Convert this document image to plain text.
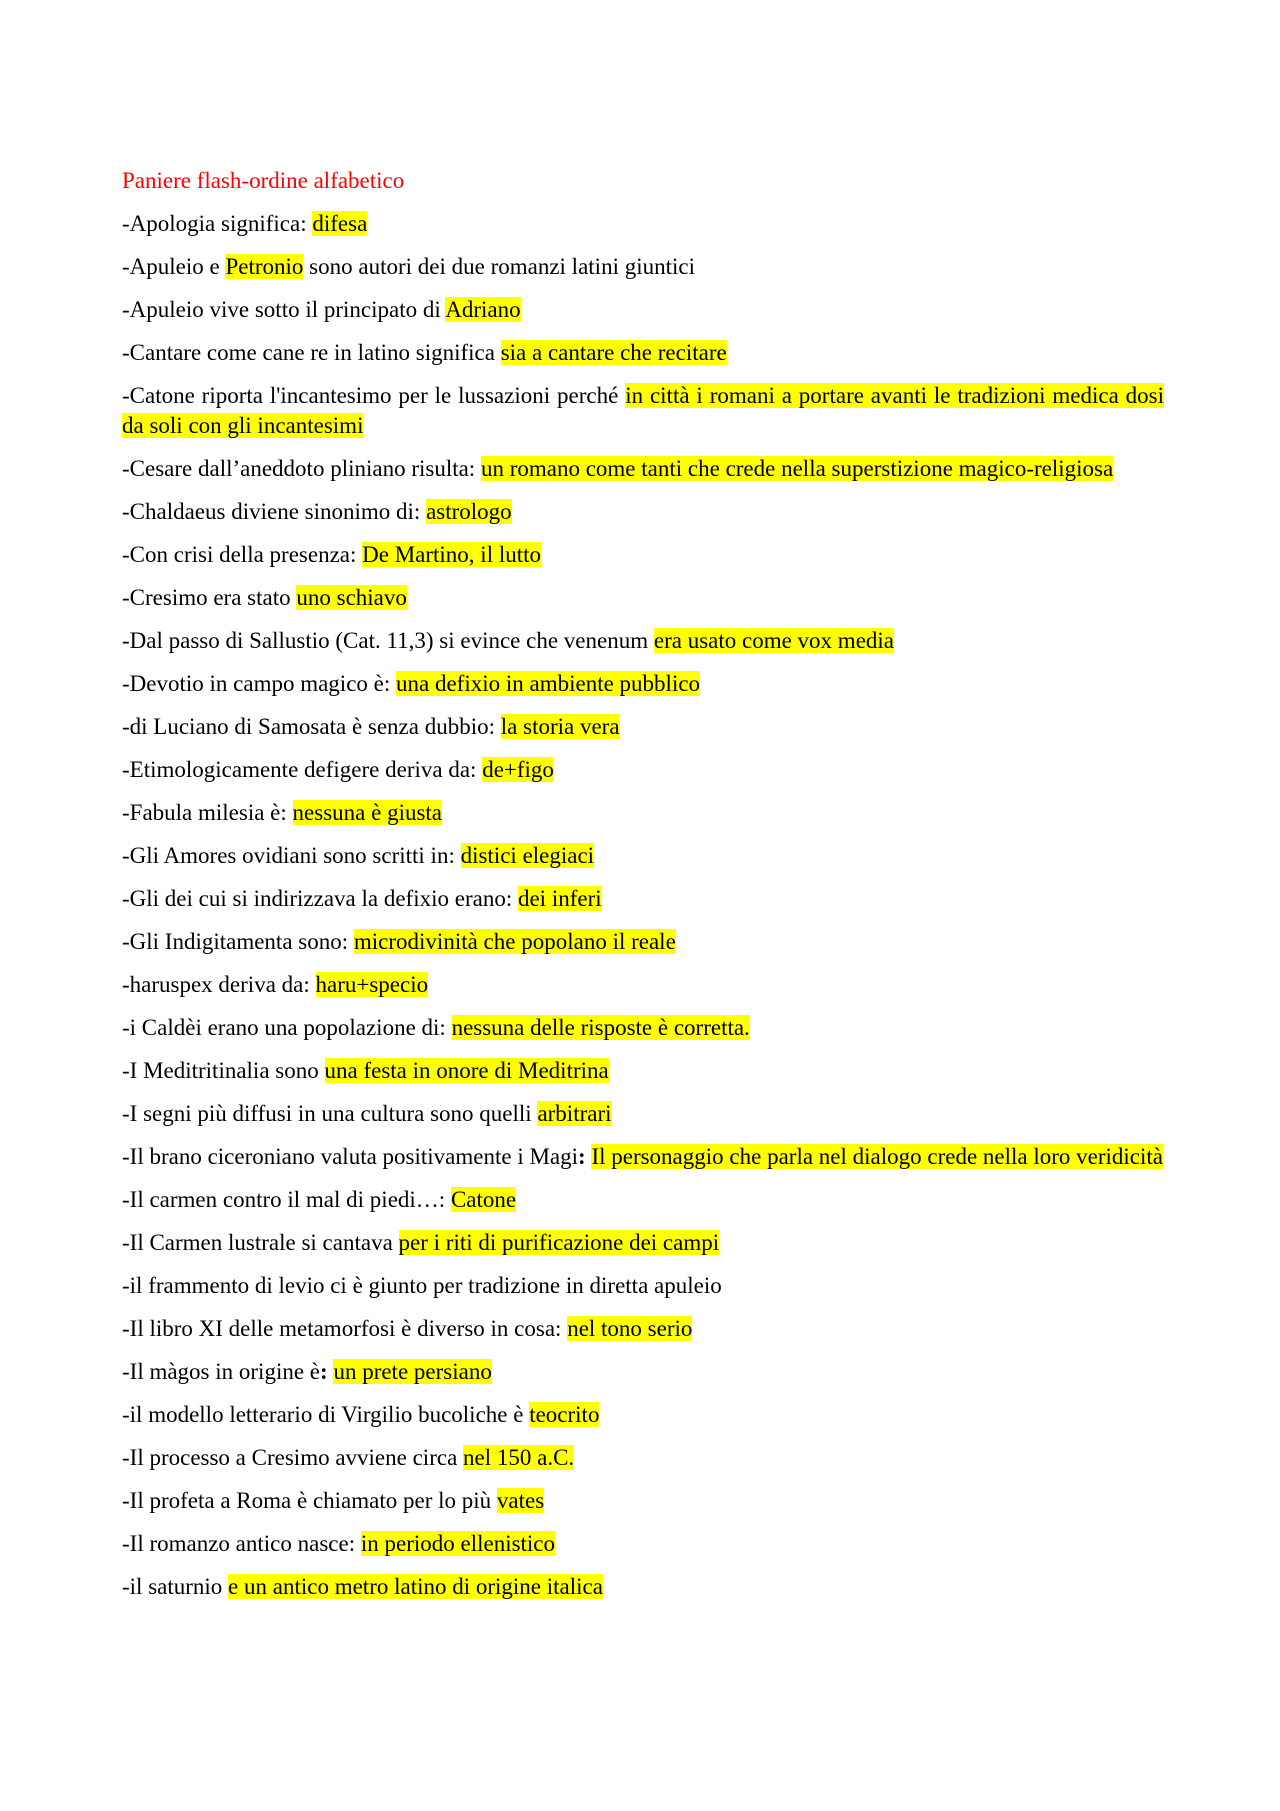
Paniere flash-ordine alfabetico
-Apologia significa: difesa
-Apuleio e Petronio sono autori dei due romanzi latini giuntici
-Apuleio vive sotto il principato di Adriano
-Cantare come cane re in latino significa sia a cantare che recitare
-Catone riporta l'incantesimo per le lussazioni perché in città i romani a portare avanti le tradizioni medica dosi da soli con gli incantesimi
-Cesare dall’aneddoto pliniano risulta: un romano come tanti che crede nella superstizione magico-religiosa
-Chaldaeus diviene sinonimo di: astrologo
-Con crisi della presenza: De Martino, il lutto
-Cresimo era stato uno schiavo
-Dal passo di Sallustio (Cat. 11,3) si evince che venenum era usato come vox media
-Devotio in campo magico è: una defixio in ambiente pubblico
-di Luciano di Samosata è senza dubbio: la storia vera
-Etimologicamente defigere deriva da: de+figo
-Fabula milesia è: nessuna è giusta
-Gli Amores ovidiani sono scritti in: distici elegiaci
-Gli dei cui si indirizzava la defixio erano: dei inferi
-Gli Indigitamenta sono: microdivinità che popolano il reale
-haruspex deriva da: haru+specio
-i Caldèi erano una popolazione di: nessuna delle risposte è corretta.
-I Meditritinalia sono una festa in onore di Meditrina
-I segni più diffusi in una cultura sono quelli arbitrari
-Il brano ciceroniano valuta positivamente i Magi: Il personaggio che parla nel dialogo crede nella loro veridicità
-Il carmen contro il mal di piedi…: Catone
-Il Carmen lustrale si cantava per i riti di purificazione dei campi
-il frammento di levio ci è giunto per tradizione in diretta apuleio
-Il libro XI delle metamorfosi è diverso in cosa: nel tono serio
-Il màgos in origine è: un prete persiano
-il modello letterario di Virgilio bucoliche è teocrito
-Il processo a Cresimo avviene circa nel 150 a.C.
-Il profeta a Roma è chiamato per lo più vates
-Il romanzo antico nasce: in periodo ellenistico
-il saturnio e un antico metro latino di origine italica
